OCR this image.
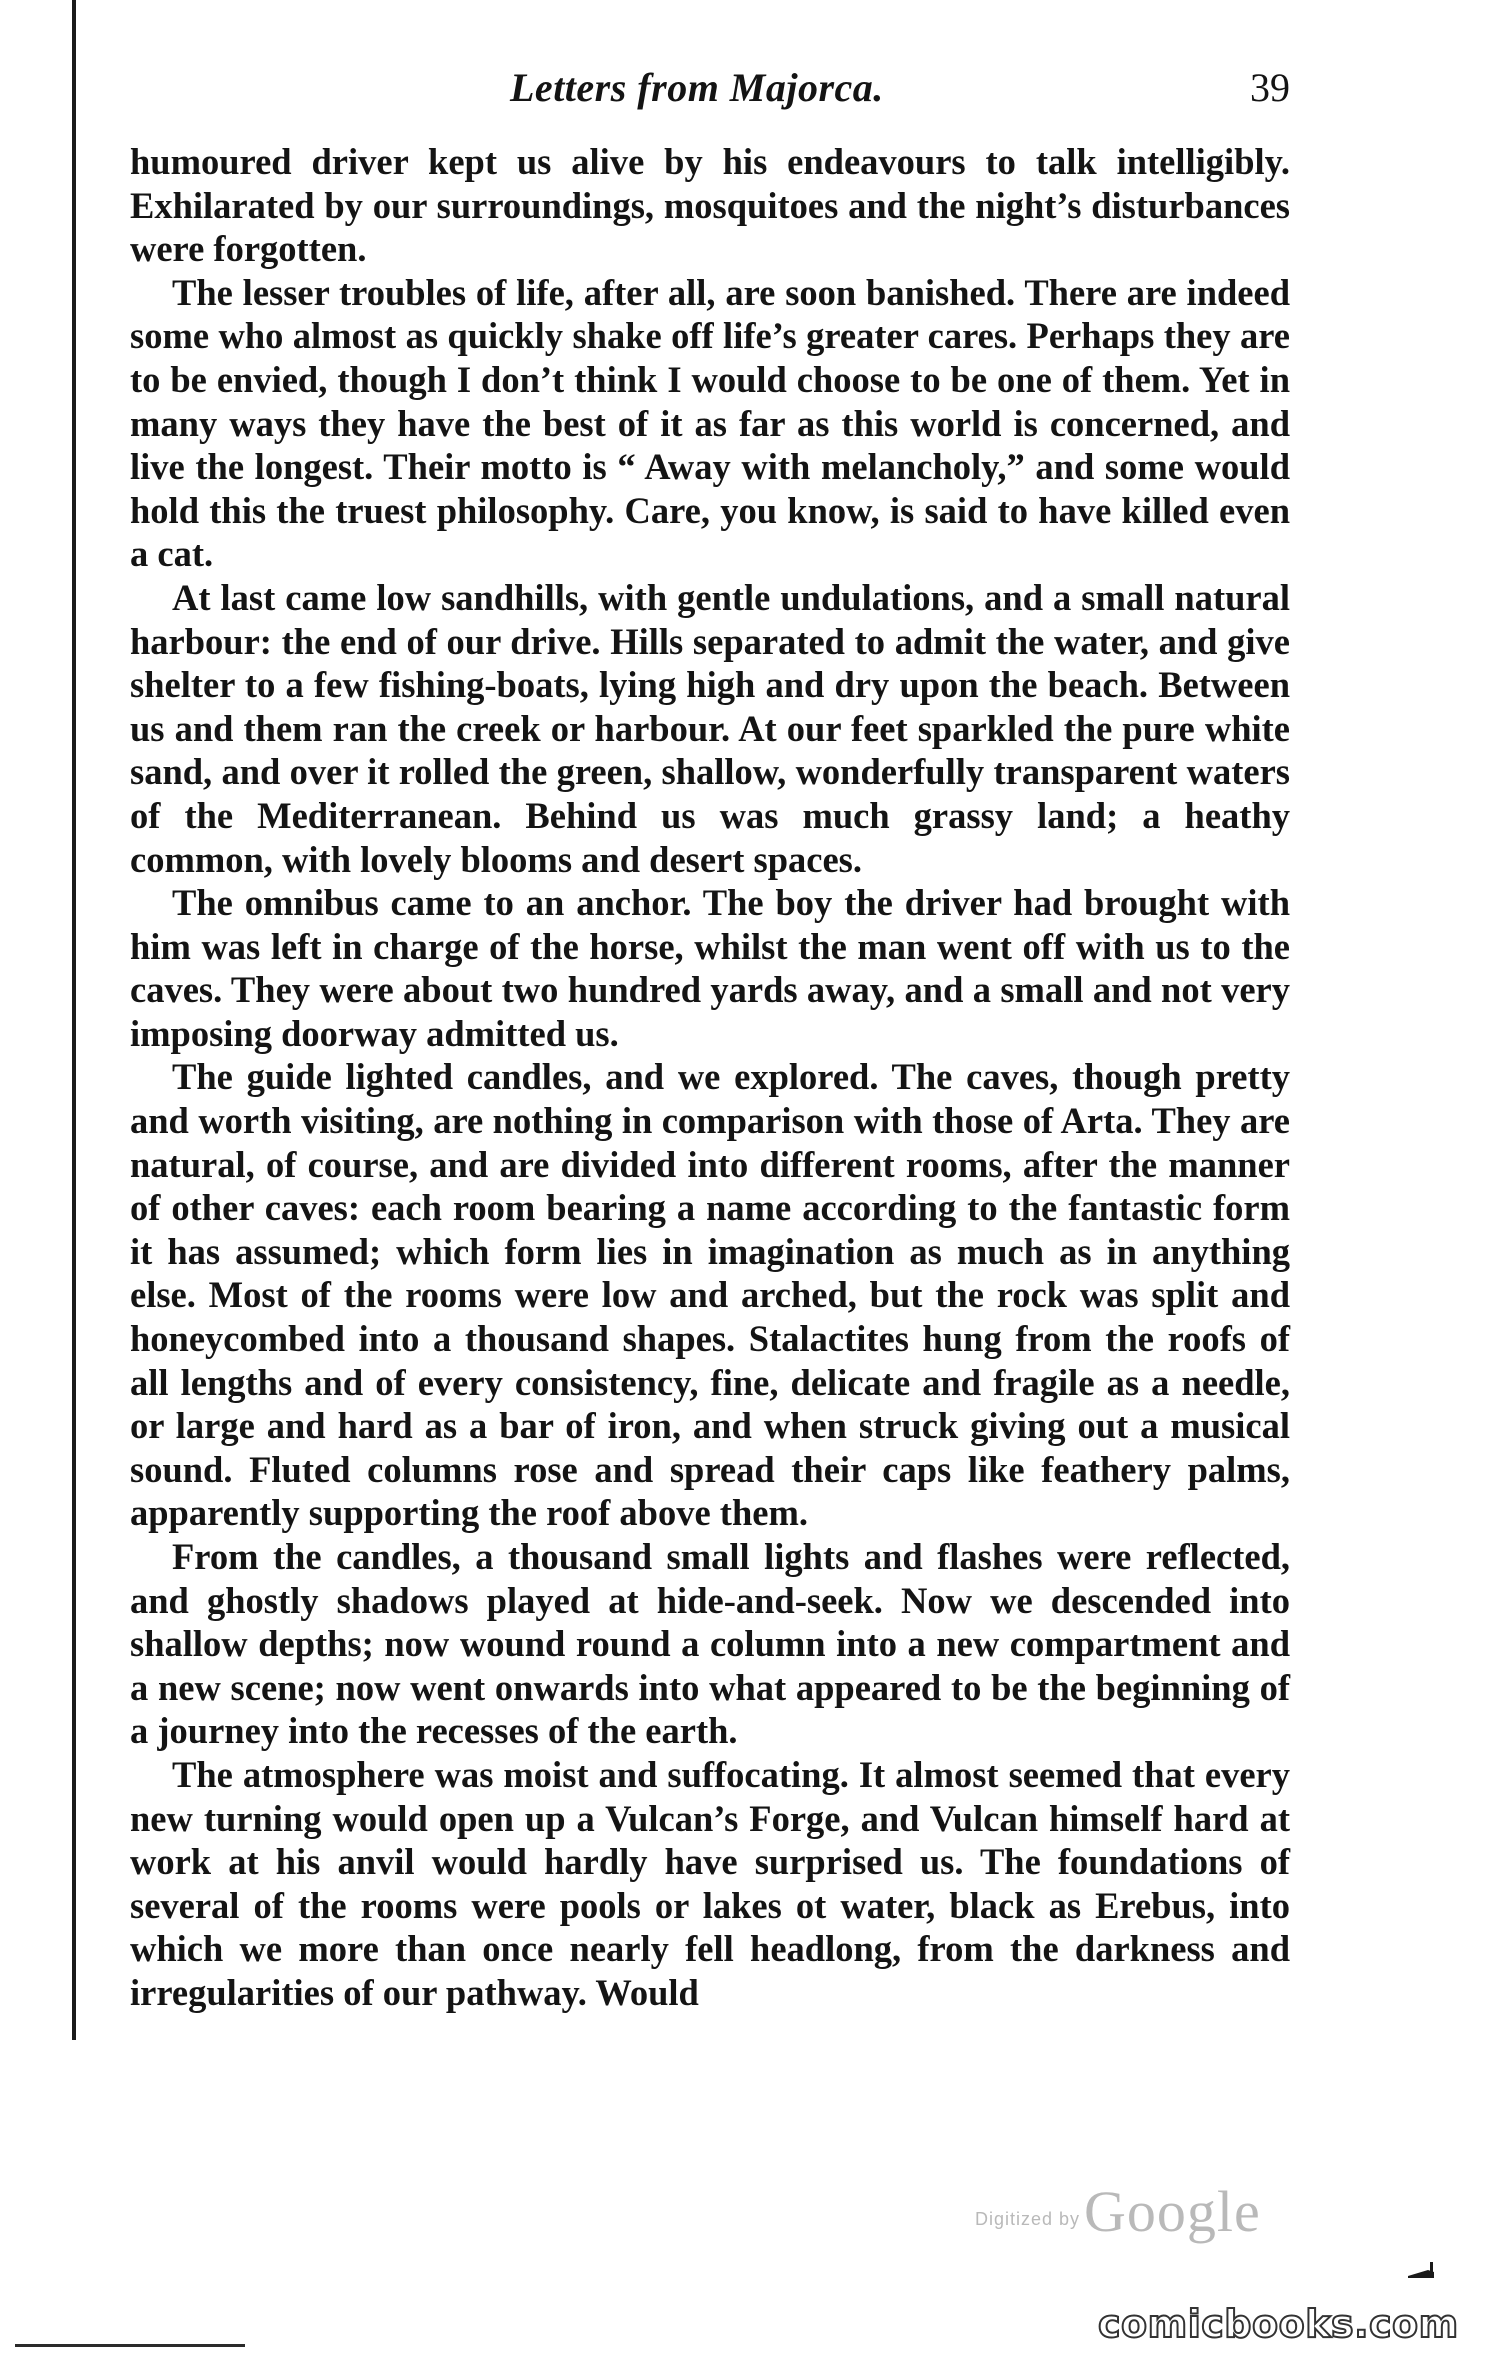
Letters from Majorca.	39

humoured driver kept us alive by his endeavours to talk intelligibly. Exhilarated by our surroundings, mosquitoes and the night’s disturbances were forgotten.

The lesser troubles of life, after all, are soon banished. There are indeed some who almost as quickly shake off life’s greater cares. Perhaps they are to be envied, though I don’t think I would choose to be one of them. Yet in many ways they have the best of it as far as this world is concerned, and live the longest. Their motto is “ Away with melancholy,” and some would hold this the truest philosophy. Care, you know, is said to have killed even a cat.

At last came low sandhills, with gentle undulations, and a small natural harbour: the end of our drive. Hills separated to admit the water, and give shelter to a few fishing-boats, lying high and dry upon the beach. Between us and them ran the creek or harbour. At our feet sparkled the pure white sand, and over it rolled the green, shallow, wonderfully transparent waters of the Mediterranean. Behind us was much grassy land; a heathy common, with lovely blooms and desert spaces.

The omnibus came to an anchor. The boy the driver had brought with him was left in charge of the horse, whilst the man went off with us to the caves. They were about two hundred yards away, and a small and not very imposing doorway admitted us.

The guide lighted candles, and we explored. The caves, though pretty and worth visiting, are nothing in comparison with those of Arta. They are natural, of course, and are divided into different rooms, after the manner of other caves: each room bearing a name according to the fantastic form it has assumed; which form lies in imagination as much as in anything else. Most of the rooms were low and arched, but the rock was split and honeycombed into a thousand shapes. Stalactites hung from the roofs of all lengths and of every consistency, fine, delicate and fragile as a needle, or large and hard as a bar of iron, and when struck giving out a musical sound. Fluted columns rose and spread their caps like feathery palms, apparently supporting the roof above them.

From the candles, a thousand small lights and flashes were reflected, and ghostly shadows played at hide-and-seek. Now we descended into shallow depths; now wound round a column into a new compartment and a new scene; now went onwards into what appeared to be the beginning of a journey into the recesses of the earth.

The atmosphere was moist and suffocating. It almost seemed that every new turning would open up a Vulcan’s Forge, and Vulcan himself hard at work at his anvil would hardly have surprised us. The foundations of several of the rooms were pools or lakes ot water, black as Erebus, into which we more than once nearly fell headlong, from the darkness and irregularities of our pathway. Would

Digitized by Google
comicbooks.com
